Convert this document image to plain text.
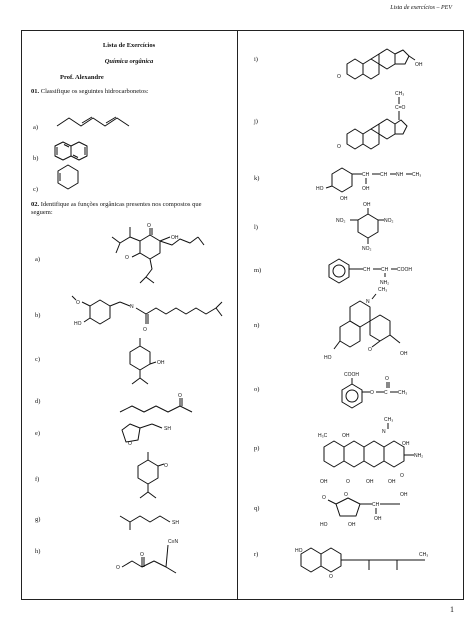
Lista de exercícios – PEV
Lista de Exercícios
Química orgânica
Prof. Alexandre
01. Classifique os seguintes hidrocarbonetos:
a)
b)
c)
02. Identifique as funções orgânicas presentes nos compostos que
seguem:
a)
b)
c)
d)
e)
f)
g)
h)
i)
j)
k)
l)
m)
n)
o)
p)
q)
r)
O
OH
O
O
HO
N
O
OH
O
O
SH
O
SH
O
O
C≡N
OH
O
CH₃
C=O
O
HO
OH
CH
OH
CH NH CH₃
OH
NO₂	NO₂
NO₂
CH CH COOH
NH₂
CH₃
N
O
OH
HO
COOH
O C
O
CH₃
H₃C	OH
CH₃
N
NH₂
OH
OH	O	OH	OH
O
O
O
HO	OH
CH
OH
OH
HO
O
CH₃
1
